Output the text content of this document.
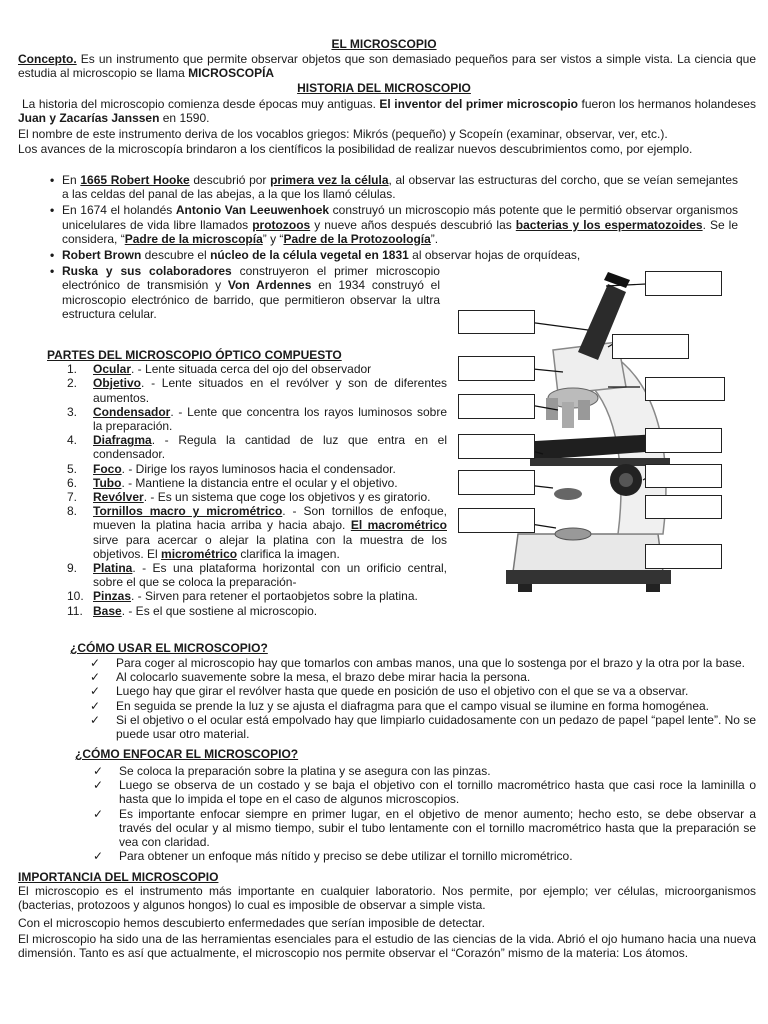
EL MICROSCOPIO
Concepto. Es un instrumento que permite observar objetos que son demasiado pequeños para ser vistos a simple vista. La ciencia que estudia al microscopio se llama MICROSCOPÍA
HISTORIA DEL MICROSCOPIO
La historia del microscopio comienza desde épocas muy antiguas. El inventor del primer microscopio fueron los hermanos holandeses Juan y Zacarías Janssen en 1590.
El nombre de este instrumento deriva de los vocablos griegos: Mikrós (pequeño) y Scopeín (examinar, observar, ver, etc.).
Los avances de la microscopía brindaron a los científicos la posibilidad de realizar nuevos descubrimientos como, por ejemplo.
• En 1665 Robert Hooke descubrió por primera vez la célula, al observar las estructuras del corcho, que se veían semejantes a las celdas del panal de las abejas, a la que los llamó células.
• En 1674 el holandés Antonio Van Leeuwenhoek construyó un microscopio más potente que le permitió observar organismos unicelulares de vida libre llamados protozoos y nueve años después descubrió las bacterias y los espermatozoides. Se le considera, “Padre de la microscopía” y “Padre de la Protozoología”.
• Robert Brown descubre el núcleo de la célula vegetal en 1831 al observar hojas de orquídeas,
• Ruska y sus colaboradores construyeron el primer microscopio electrónico de transmisión y Von Ardennes en 1934 construyó el microscopio electrónico de barrido, que permitieron observar la ultra estructura celular.
PARTES DEL MICROSCOPIO ÓPTICO COMPUESTO
1. Ocular. - Lente situada cerca del ojo del observador
2. Objetivo. - Lente situados en el revólver y son de diferentes aumentos.
3. Condensador. - Lente que concentra los rayos luminosos sobre la preparación.
4. Diafragma. - Regula la cantidad de luz que entra en el condensador.
5. Foco. - Dirige los rayos luminosos hacia el condensador.
6. Tubo. - Mantiene la distancia entre el ocular y el objetivo.
7. Revólver. - Es un sistema que coge los objetivos y es giratorio.
8. Tornillos macro y micrométrico. - Son tornillos de enfoque, mueven la platina hacia arriba y hacia abajo. El macrométrico sirve para acercar o alejar la platina con la muestra de los objetivos. El micrométrico clarifica la imagen.
9. Platina. - Es una plataforma horizontal con un orificio central, sobre el que se coloca la preparación-
10. Pinzas. - Sirven para retener el portaobjetos sobre la platina.
11. Base. - Es el que sostiene al microscopio.
¿CÓMO USAR EL MICROSCOPIO?
✓ Para coger al microscopio hay que tomarlos con ambas manos, una que lo sostenga por el brazo y la otra por la base.
✓ Al colocarlo suavemente sobre la mesa, el brazo debe mirar hacia la persona.
✓ Luego hay que girar el revólver hasta que quede en posición de uso el objetivo con el que se va a observar.
✓ En seguida se prende la luz y se ajusta el diafragma para que el campo visual se ilumine en forma homogénea.
✓ Si el objetivo o el ocular está empolvado hay que limpiarlo cuidadosamente con un pedazo de papel “papel lente”. No se puede usar otro material.
¿CÓMO ENFOCAR EL MICROSCOPIO?
✓ Se coloca la preparación sobre la platina y se asegura con las pinzas.
✓ Luego se observa de un costado y se baja el objetivo con el tornillo macrométrico hasta que casi roce la laminilla o hasta que lo impida el tope en el caso de algunos microscopios.
✓ Es importante enfocar siempre en primer lugar, en el objetivo de menor aumento; hecho esto, se debe observar a través del ocular y al mismo tiempo, subir el tubo lentamente con el tornillo macrométrico hasta que la preparación se vea con claridad.
✓ Para obtener un enfoque más nítido y preciso se debe utilizar el tornillo micrométrico.
IMPORTANCIA DEL MICROSCOPIO
El microscopio es el instrumento más importante en cualquier laboratorio. Nos permite, por ejemplo; ver células, microorganismos (bacterias, protozoos y algunos hongos) lo cual es imposible de observar a simple vista.
Con el microscopio hemos descubierto enfermedades que serían imposible de detectar.
El microscopio ha sido una de las herramientas esenciales para el estudio de las ciencias de la vida. Abrió el ojo humano hacia una nueva dimensión. Tanto es así que actualmente, el microscopio nos permite observar el “Corazón” mismo de la materia: Los átomos.
